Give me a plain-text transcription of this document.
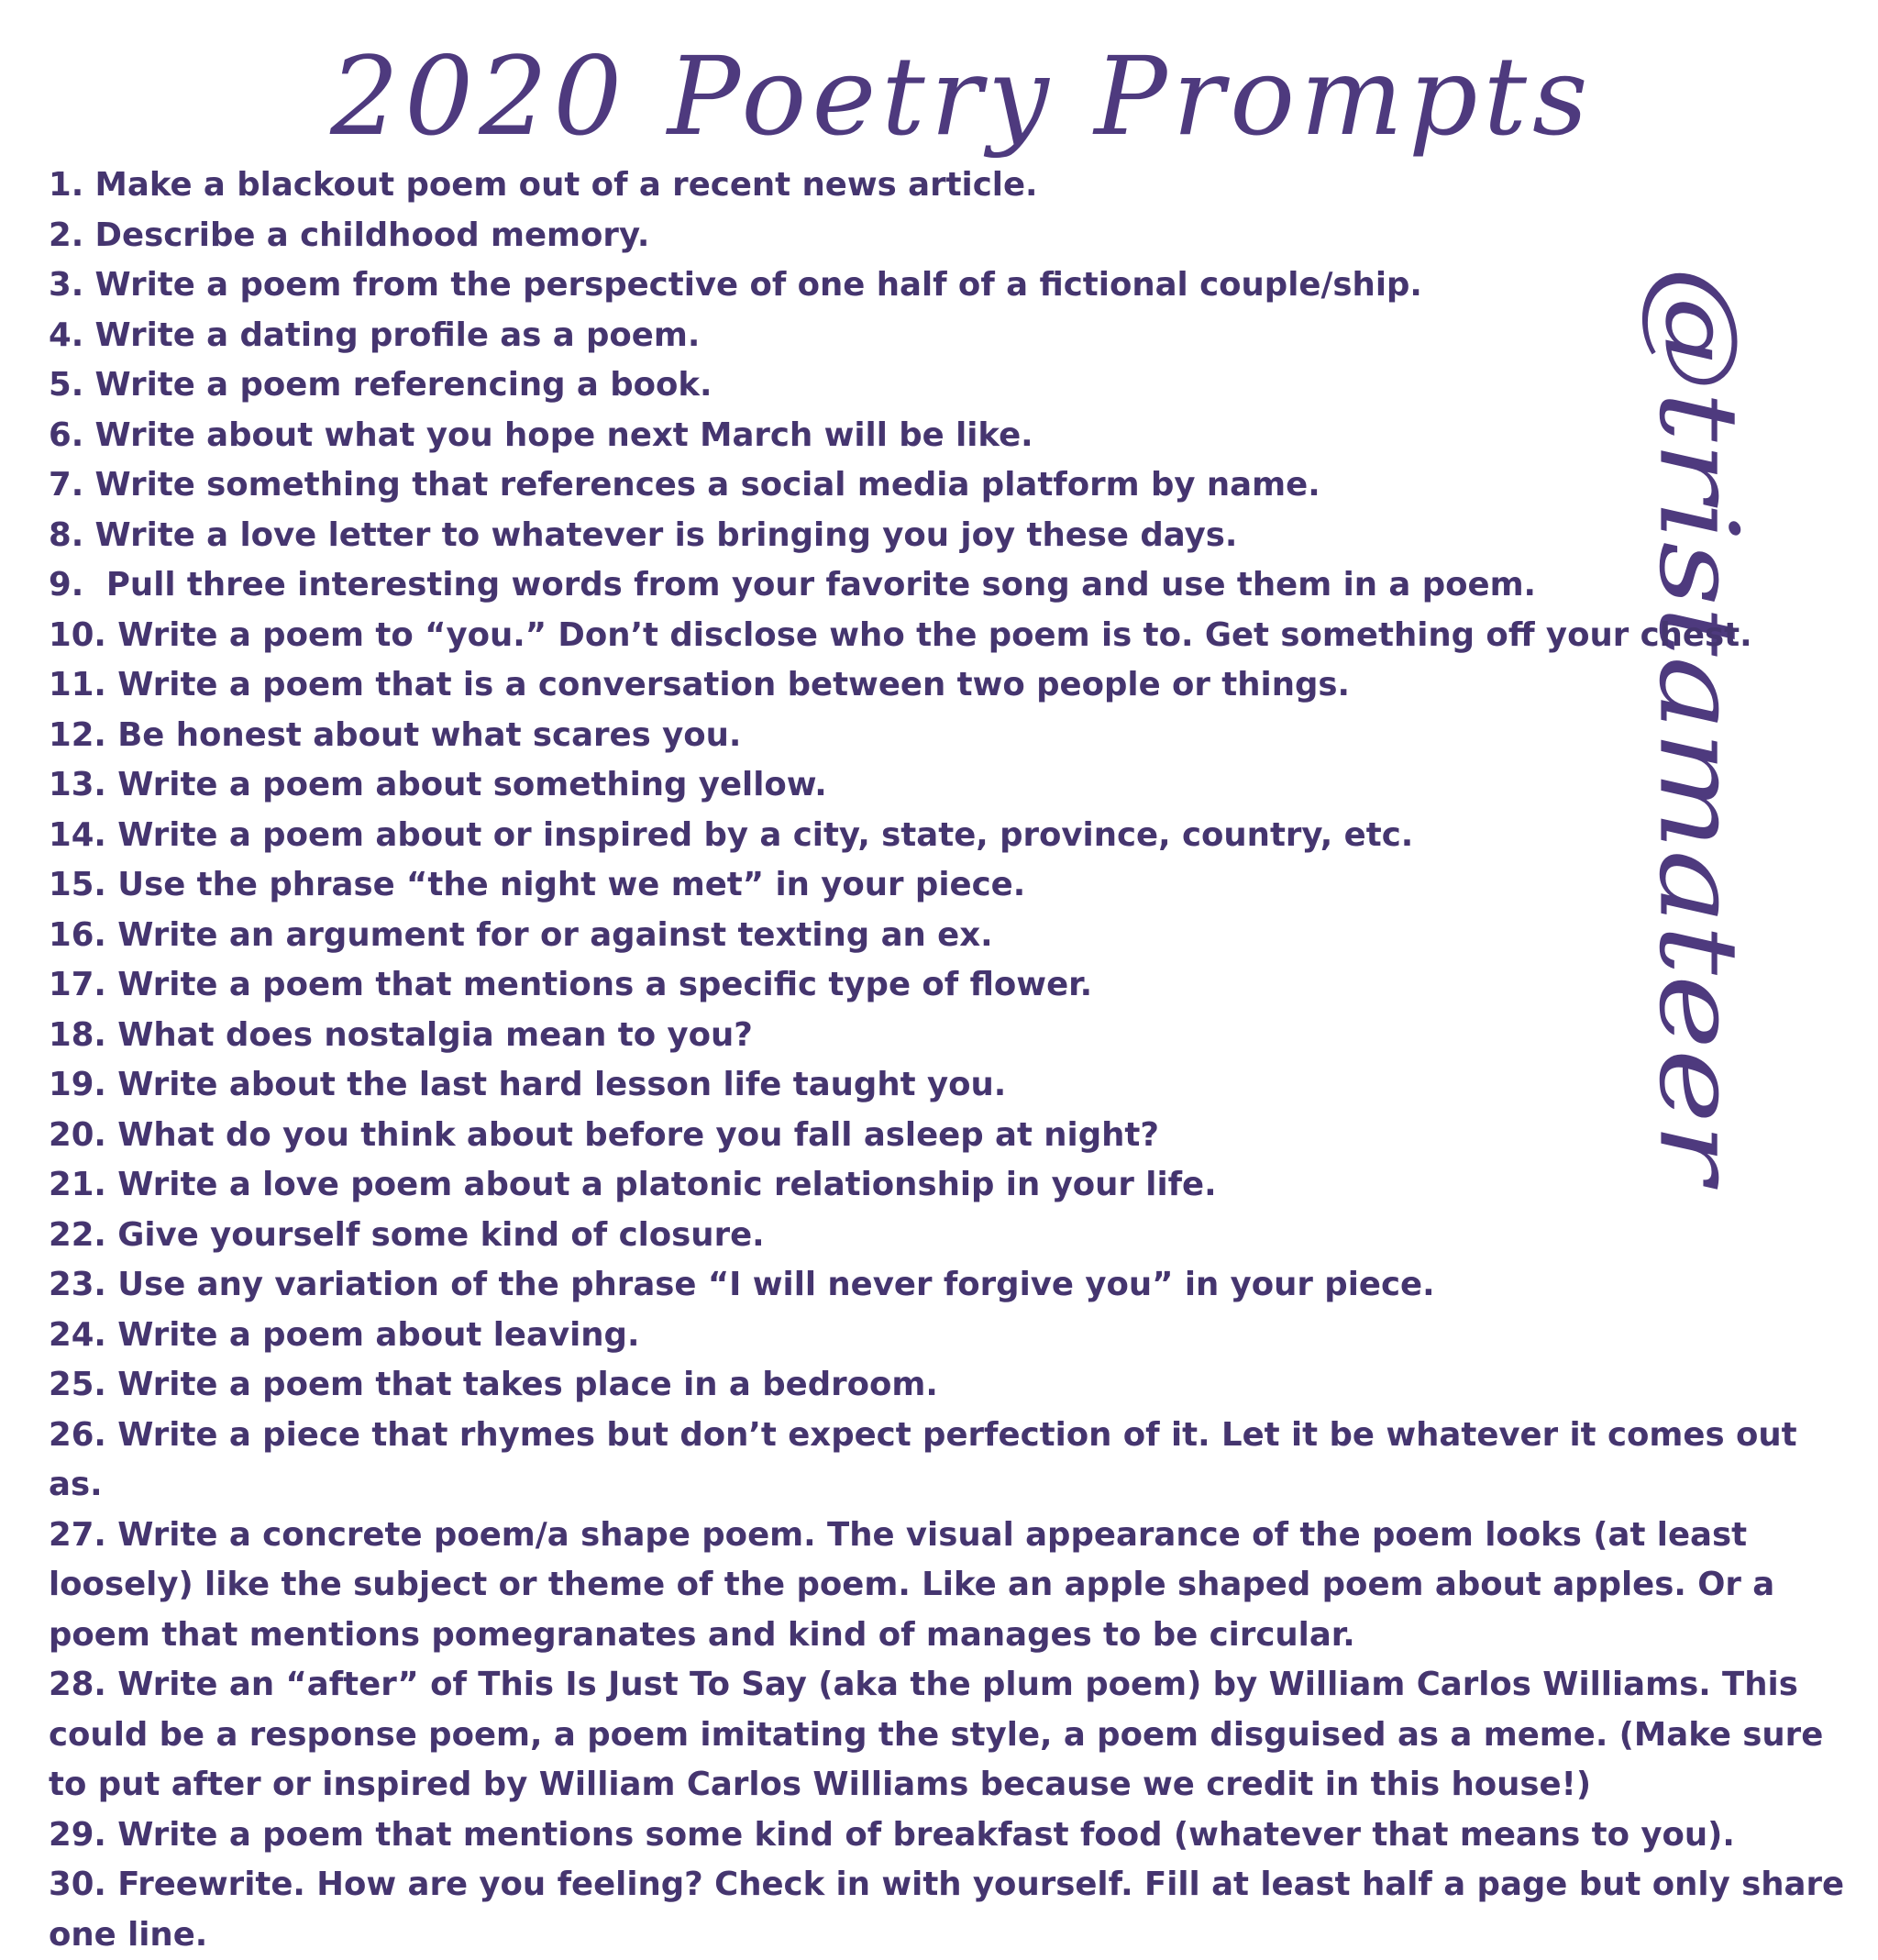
2020 Poetry Prompts
@tristamateer
1. Make a blackout poem out of a recent news article.
2. Describe a childhood memory.
3. Write a poem from the perspective of one half of a fictional couple/ship.
4. Write a dating profile as a poem.
5. Write a poem referencing a book.
6. Write about what you hope next March will be like.
7. Write something that references a social media platform by name.
8. Write a love letter to whatever is bringing you joy these days.
9.  Pull three interesting words from your favorite song and use them in a poem.
10. Write a poem to “you.” Don’t disclose who the poem is to. Get something off your chest.
11. Write a poem that is a conversation between two people or things.
12. Be honest about what scares you.
13. Write a poem about something yellow.
14. Write a poem about or inspired by a city, state, province, country, etc.
15. Use the phrase “the night we met” in your piece.
16. Write an argument for or against texting an ex.
17. Write a poem that mentions a specific type of flower.
18. What does nostalgia mean to you?
19. Write about the last hard lesson life taught you.
20. What do you think about before you fall asleep at night?
21. Write a love poem about a platonic relationship in your life.
22. Give yourself some kind of closure.
23. Use any variation of the phrase “I will never forgive you” in your piece.
24. Write a poem about leaving.
25. Write a poem that takes place in a bedroom.
26. Write a piece that rhymes but don’t expect perfection of it. Let it be whatever it comes out as.
27. Write a concrete poem/a shape poem. The visual appearance of the poem looks (at least loosely) like the subject or theme of the poem. Like an apple shaped poem about apples. Or a poem that mentions pomegranates and kind of manages to be circular.
28. Write an “after” of This Is Just To Say (aka the plum poem) by William Carlos Williams. This could be a response poem, a poem imitating the style, a poem disguised as a meme. (Make sure to put after or inspired by William Carlos Williams because we credit in this house!)
29. Write a poem that mentions some kind of breakfast food (whatever that means to you).
30. Freewrite. How are you feeling? Check in with yourself. Fill at least half a page but only share one line.
